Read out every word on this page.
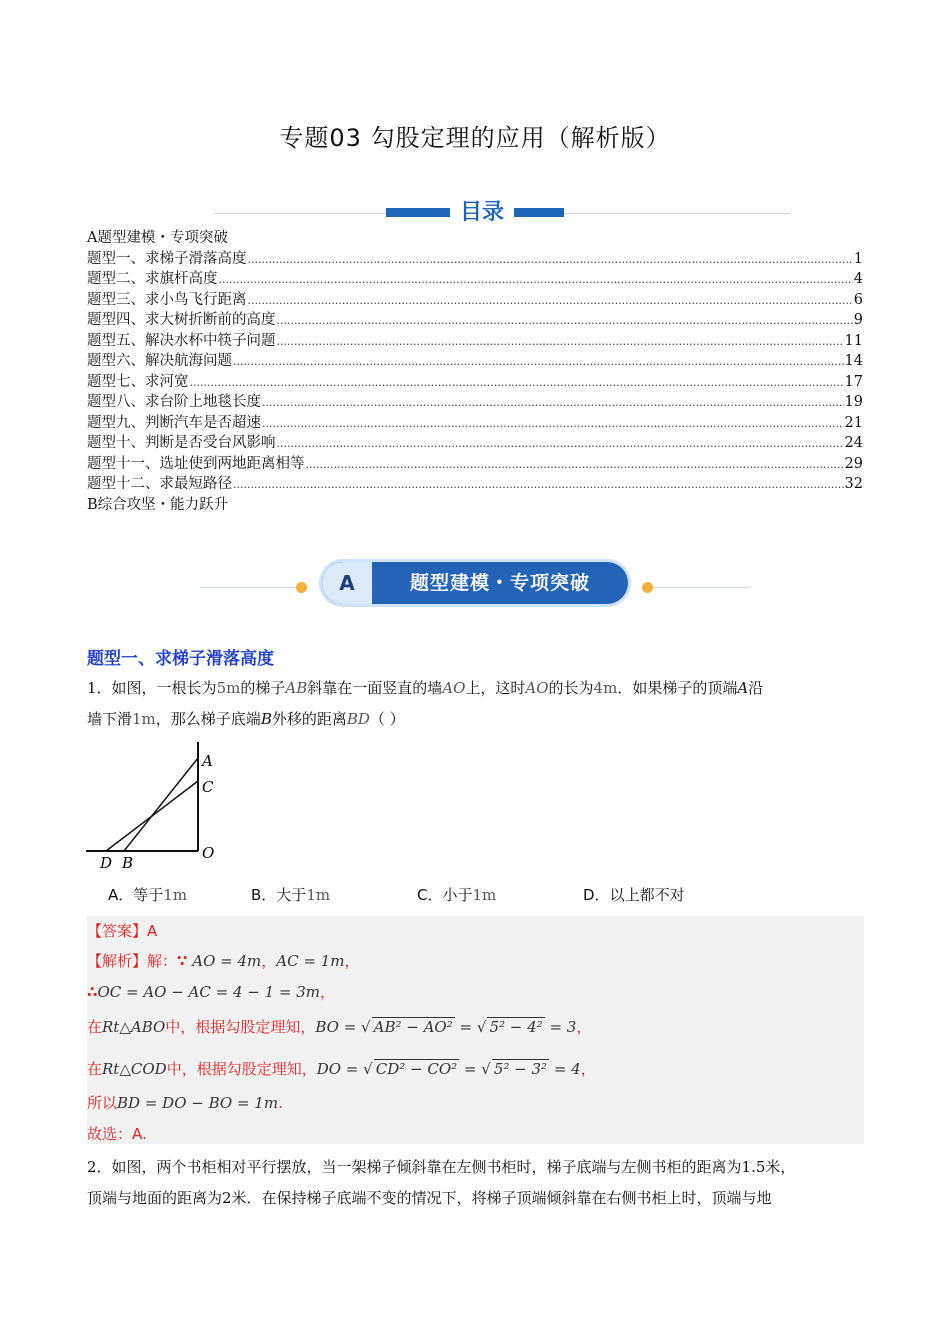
专题03 勾股定理的应用（解析版）
目录
A题型建模・专项突破
题型一、求梯子滑落高度 .....	1
题型二、求旗杆高度 .....	4
题型三、求小鸟飞行距离 .....	6
题型四、求大树折断前的高度 .....	9
题型五、解决水杯中筷子问题 .....	11
题型六、解决航海问题 .....	14
题型七、求河宽 .....	17
题型八、求台阶上地毯长度 .....	19
题型九、判断汽车是否超速 .....	21
题型十、判断是否受台风影响 .....	24
题型十一、选址使到两地距离相等 .....	29
题型十二、求最短路径 .....	32
B综合攻坚・能力跃升
A	题型建模・专项突破
题型一、求梯子滑落高度
1．如图，一根长为5m的梯子AB斜靠在一面竖直的墙AO上，这时AO的长为4m．如果梯子的顶端A沿
墙下滑1m，那么梯子底端B外移的距离BD（ ）
A
C
O
D B
A．等于1m	B．大于1m	C．小于1m	D．以上都不对
【答案】A
【解析】解：∵ AO = 4m，AC = 1m，
∴OC = AO − AC = 4 − 1 = 3m，
在Rt△ABO中，根据勾股定理知，BO = √ AB² − AO² = √ 5² − 4² = 3，
在Rt△COD中，根据勾股定理知，DO = √ CD² − CO² = √ 5² − 3² = 4，
所以BD = DO − BO = 1m.
故选：A.
2．如图，两个书柜相对平行摆放，当一架梯子倾斜靠在左侧书柜时，梯子底端与左侧书柜的距离为1.5米，
顶端与地面的距离为2米．在保持梯子底端不变的情况下，将梯子顶端倾斜靠在右侧书柜上时，顶端与地
